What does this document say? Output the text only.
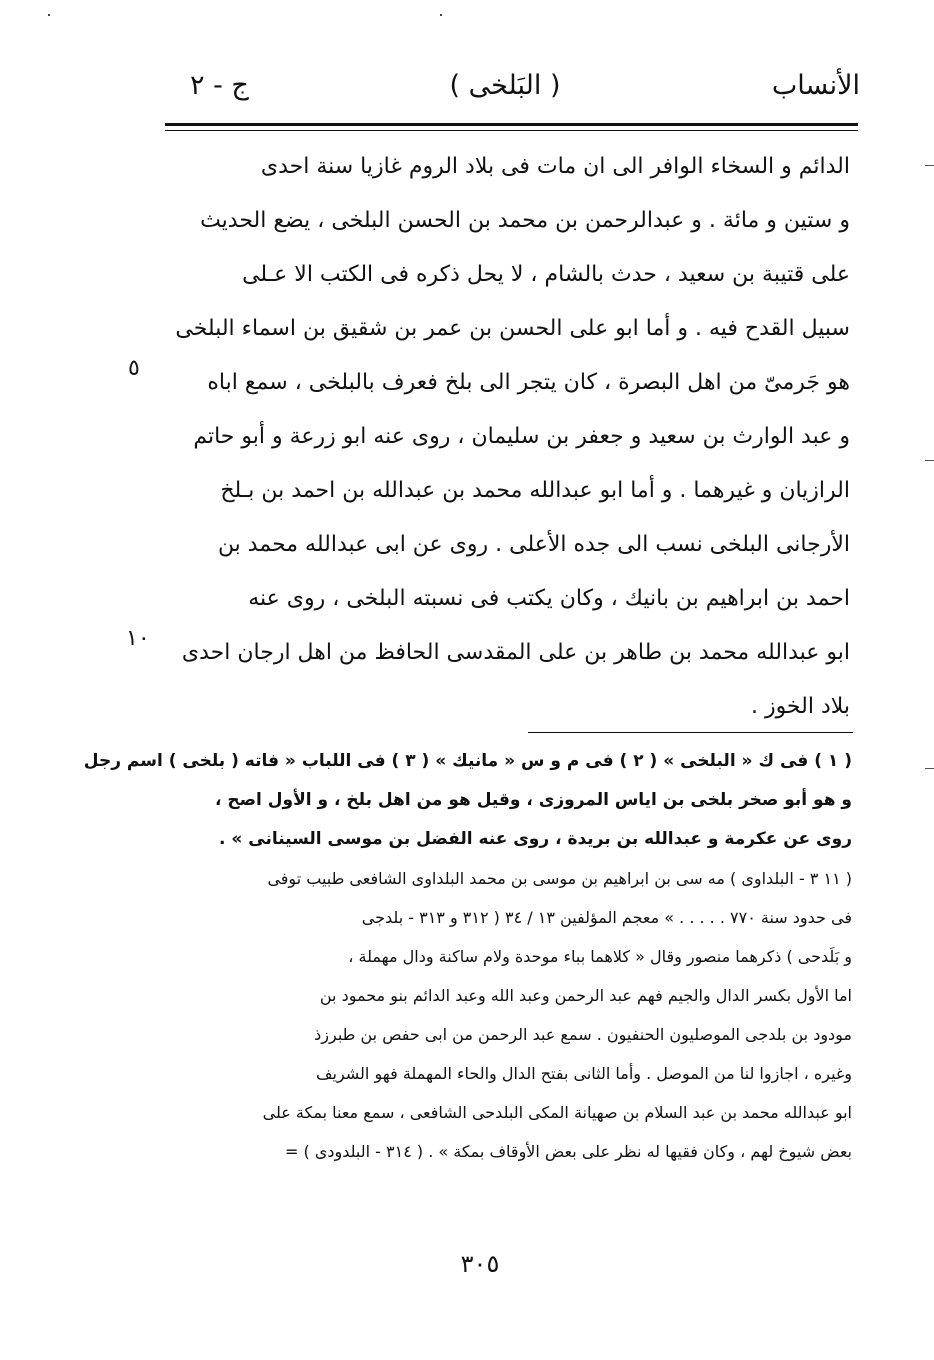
الأنساب
( البَلخى )
ج - ٢
الدائم و السخاء الوافر الى ان مات فى بلاد الروم غازيا سنة احدى
و ستين و مائة . و عبدالرحمن بن محمد بن الحسن البلخى ، يضع الحديث
على قتيبة بن سعيد ، حدث بالشام ، لا يحل ذكره فى الكتب الا عـلى
سبيل القدح فيه . و أما ابو على الحسن بن عمر بن شقيق بن اسماء البلخى
هو جَرمىّ من اهل البصرة ، كان يتجر الى بلخ فعرف بالبلخى ، سمع اباه
و عبد الوارث بن سعيد و جعفر بن سليمان ، روى عنه ابو زرعة و أبو حاتم
الرازيان و غيرهما . و أما ابو عبدالله محمد بن عبدالله بن احمد بن بـلخ
الأرجانى البلخى نسب الى جده الأعلى . روى عن ابى عبدالله محمد بن
احمد بن ابراهيم بن بانيك ، وكان يكتب فى نسبته البلخى ، روى عنه
ابو عبدالله محمد بن طاهر بن على المقدسى الحافظ من اهل ارجان احدى
بلاد الخوز .
٥
١٠
( ١ ) فى ك « البلخى » ( ٢ ) فى م و س « مانيك » ( ٣ ) فى اللباب « فاته ( بلخى ) اسم رجل
و هو أبو صخر بلخى بن اياس المروزى ، وقيل هو من اهل بلخ ، و الأول اصح ،
روى عن عكرمة و عبدالله بن بريدة ، روى عنه الفضل بن موسى السينانى » .
( ١١ ٣ - البلداوى ) مه سى بن ابراهيم بن موسى بن محمد البلداوى الشافعى طبيب توفى
فى حدود سنة ٧٧٠ . . . . . » معجم المؤلفين ١٣ / ٣٤ ( ٣١٢ و ٣١٣ - بلدجى
و بَلَدحى ) ذكرهما منصور وقال « كلاهما بباء موحدة ولام ساكنة ودال مهملة ،
اما الأول بكسر الدال والجيم فهم عبد الرحمن وعبد الله وعبد الدائم بنو محمود بن
مودود بن بلدجى الموصليون الحنفيون . سمع عبد الرحمن من ابى حفص بن طبرزذ
وغيره ، اجازوا لنا من الموصل . وأما الثانى بفتح الدال والحاء المهملة فهو الشريف
ابو عبدالله محمد بن عبد السلام بن صهيانة المكى البلدحى الشافعى ، سمع معنا بمكة على
بعض شيوخ لهم ، وكان فقيها له نظر على بعض الأوقاف بمكة » . ( ٣١٤ - البلدودى ) =
٣٠٥
